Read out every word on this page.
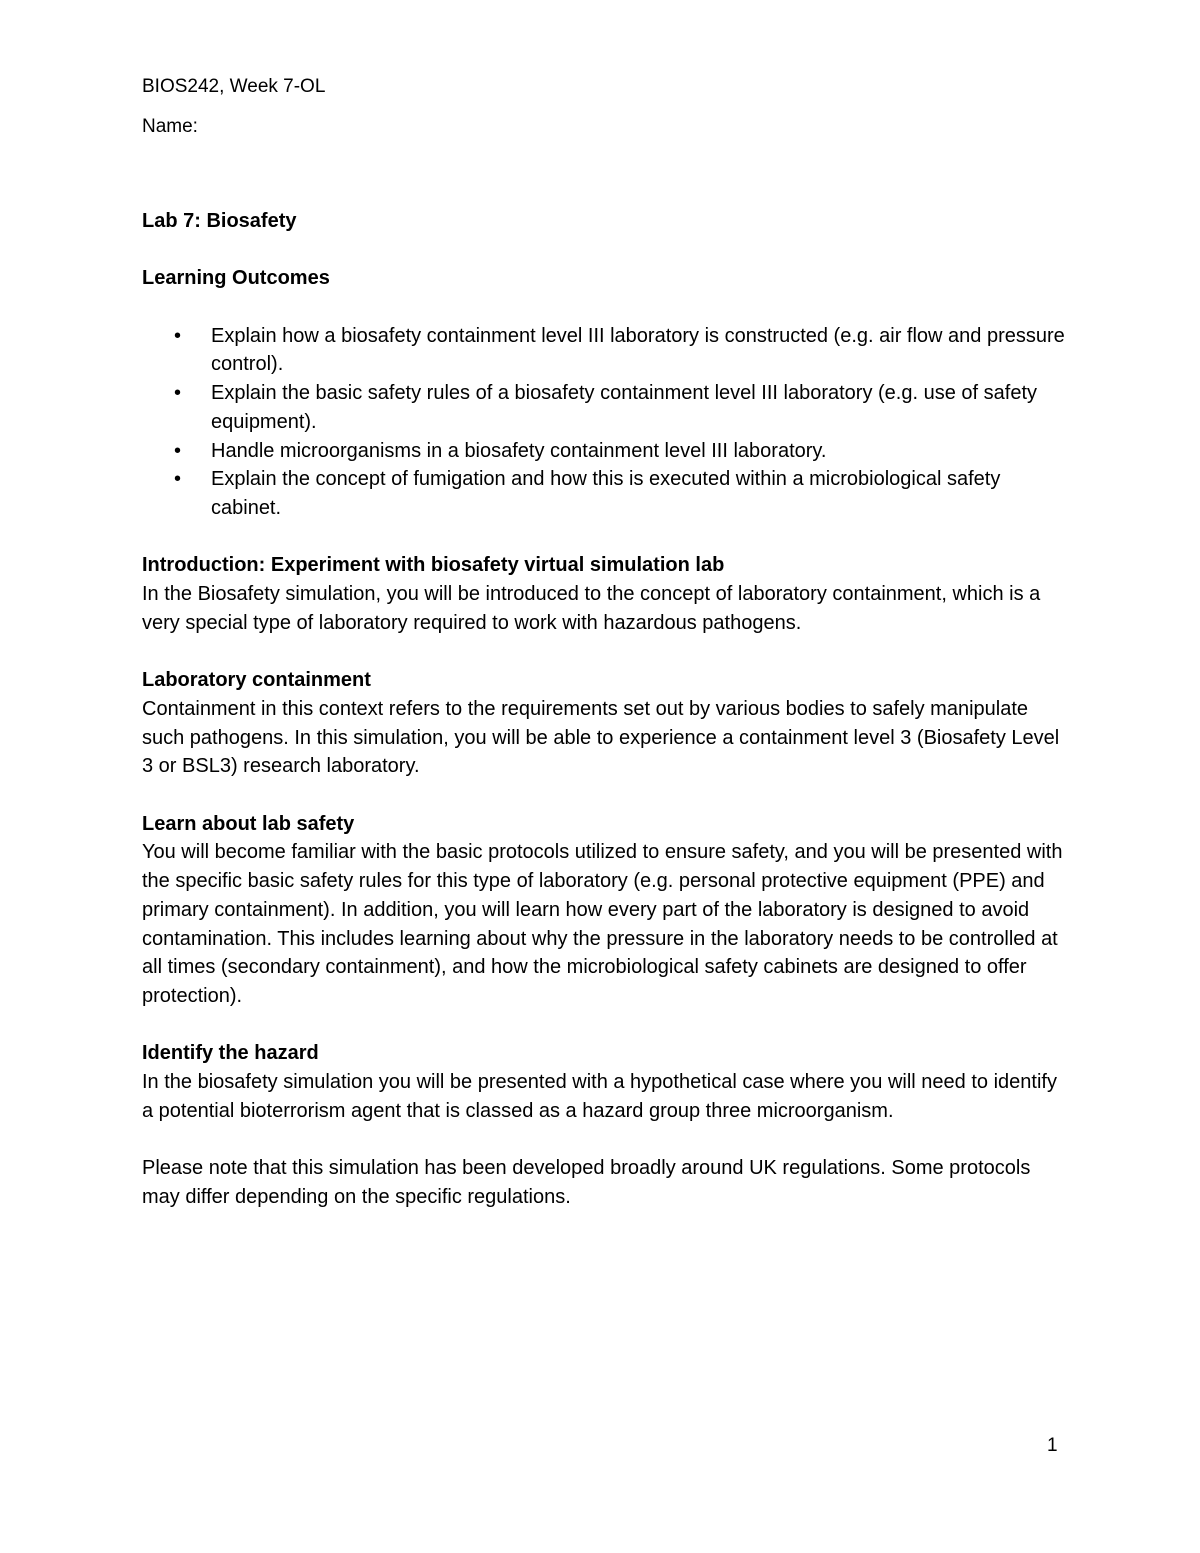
BIOS242, Week 7-OL
Name:

Lab 7: Biosafety

Learning Outcomes

• Explain how a biosafety containment level III laboratory is constructed (e.g. air flow and pressure control).
• Explain the basic safety rules of a biosafety containment level III laboratory (e.g. use of safety equipment).
• Handle microorganisms in a biosafety containment level III laboratory.
• Explain the concept of fumigation and how this is executed within a microbiological safety cabinet.

Introduction: Experiment with biosafety virtual simulation lab

In the Biosafety simulation, you will be introduced to the concept of laboratory containment, which is a very special type of laboratory required to work with hazardous pathogens.

Laboratory containment

Containment in this context refers to the requirements set out by various bodies to safely manipulate such pathogens. In this simulation, you will be able to experience a containment level 3 (Biosafety Level 3 or BSL3) research laboratory.

Learn about lab safety

You will become familiar with the basic protocols utilized to ensure safety, and you will be presented with the specific basic safety rules for this type of laboratory (e.g. personal protective equipment (PPE) and primary containment). In addition, you will learn how every part of the laboratory is designed to avoid contamination. This includes learning about why the pressure in the laboratory needs to be controlled at all times (secondary containment), and how the microbiological safety cabinets are designed to offer protection).

Identify the hazard

In the biosafety simulation you will be presented with a hypothetical case where you will need to identify a potential bioterrorism agent that is classed as a hazard group three microorganism.

Please note that this simulation has been developed broadly around UK regulations. Some protocols may differ depending on the specific regulations.

1
